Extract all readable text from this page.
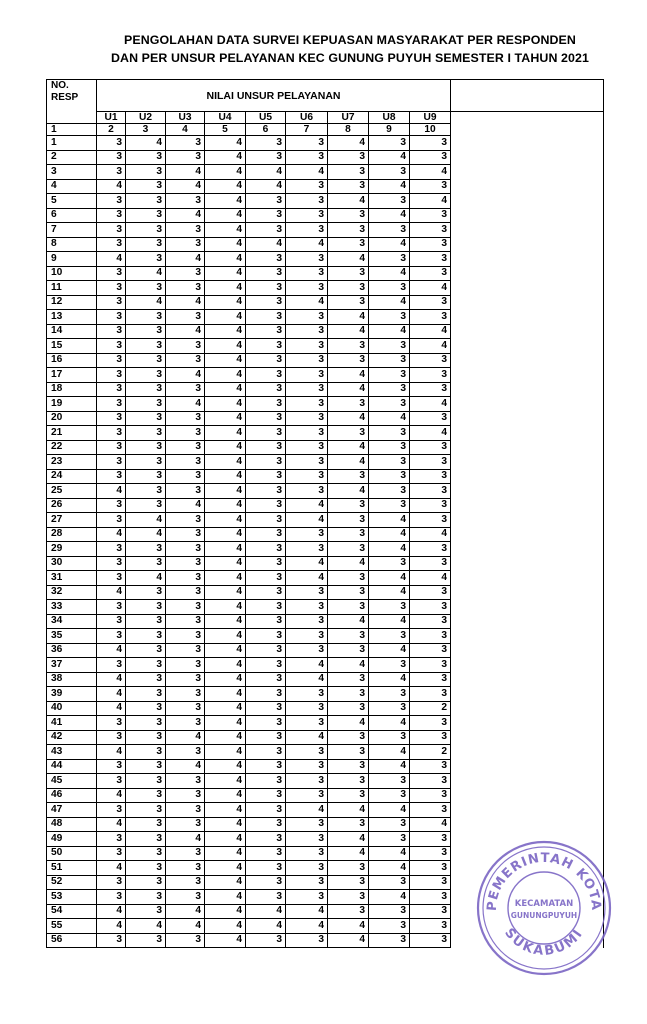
PENGOLAHAN DATA SURVEI KEPUASAN MASYARAKAT PER RESPONDEN
DAN PER UNSUR PELAYANAN KEC GUNUNG PUYUH SEMESTER I TAHUN 2021
NO.
RESP	NILAI UNSUR PELAYANAN									
	U1	U2	U3	U4	U5	U6	U7	U8	U9	
1	2	3	4	5	6	7	8	9	10	
1	3	4	3	4	3	3	4	3	3	
2	3	3	3	4	3	3	3	4	3	
3	3	3	4	4	4	4	3	3	4	
4	4	3	4	4	4	3	3	4	3	
5	3	3	3	4	3	3	4	3	4	
6	3	3	4	4	3	3	3	4	3	
7	3	3	3	4	3	3	3	3	3	
8	3	3	3	4	4	4	3	4	3	
9	4	3	4	4	3	3	4	3	3	
10	3	4	3	4	3	3	3	4	3	
11	3	3	3	4	3	3	3	3	4	
12	3	4	4	4	3	4	3	4	3	
13	3	3	3	4	3	3	4	3	3	
14	3	3	4	4	3	3	4	4	4	
15	3	3	3	4	3	3	3	3	4	
16	3	3	3	4	3	3	3	3	3	
17	3	3	4	4	3	3	4	3	3	
18	3	3	3	4	3	3	4	3	3	
19	3	3	4	4	3	3	3	3	4	
20	3	3	3	4	3	3	4	4	3	
21	3	3	3	4	3	3	3	3	4	
22	3	3	3	4	3	3	4	3	3	
23	3	3	3	4	3	3	4	3	3	
24	3	3	3	4	3	3	3	3	3	
25	4	3	3	4	3	3	4	3	3	
26	3	3	4	4	3	4	3	3	3	
27	3	4	3	4	3	4	3	4	3	
28	4	4	3	4	3	3	3	4	4	
29	3	3	3	4	3	3	3	4	3	
30	3	3	3	4	3	4	4	3	3	
31	3	4	3	4	3	4	3	4	4	
32	4	3	3	4	3	3	3	4	3	
33	3	3	3	4	3	3	3	3	3	
34	3	3	3	4	3	3	4	4	3	
35	3	3	3	4	3	3	3	3	3	
36	4	3	3	4	3	3	3	4	3	
37	3	3	3	4	3	4	4	3	3	
38	4	3	3	4	3	4	3	4	3	
39	4	3	3	4	3	3	3	3	3	
40	4	3	3	4	3	3	3	3	2	
41	3	3	3	4	3	3	4	4	3	
42	3	3	4	4	3	4	3	3	3	
43	4	3	3	4	3	3	3	4	2	
44	3	3	4	4	3	3	3	4	3	
45	3	3	3	4	3	3	3	3	3	
46	4	3	3	4	3	3	3	3	3	
47	3	3	3	4	3	4	4	4	3	
48	4	3	3	4	3	3	3	3	4	
49	3	3	4	4	3	3	4	3	3	
50	3	3	3	4	3	3	4	4	3	
51	4	3	3	4	3	3	3	4	3	
52	3	3	3	4	3	3	3	3	3	
53	3	3	3	4	3	3	3	4	3	
54	4	3	4	4	4	4	3	3	3	
55	4	4	4	4	4	4	4	3	3	
56	3	3	3	4	3	3	4	3	3	
PEMERINTAH KOTA
SUKABUMI
KECAMATAN
GUNUNGPUYUH
